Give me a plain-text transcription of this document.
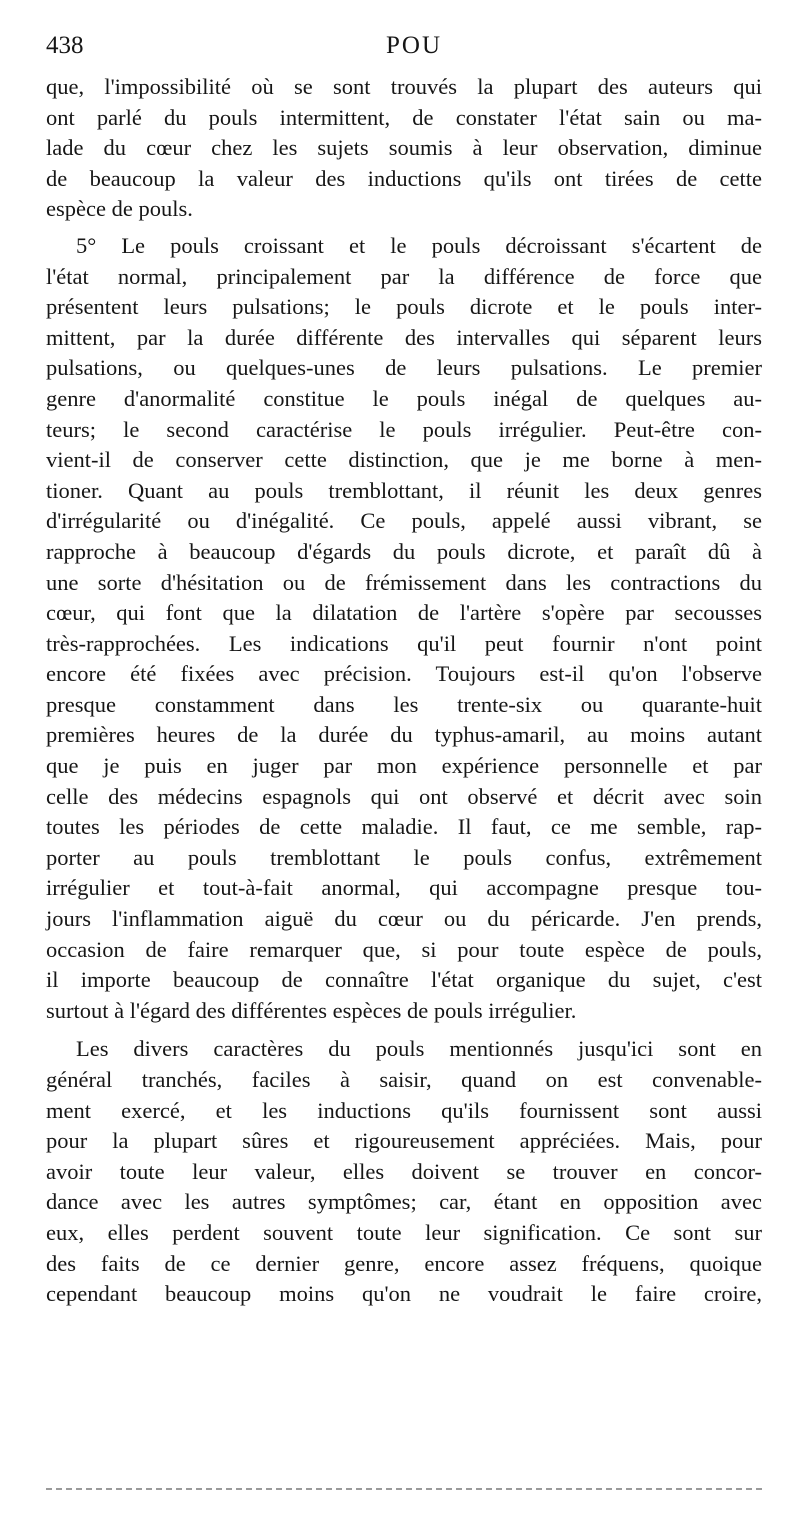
438	POU
que, l'impossibilité où se sont trouvés la plupart des auteurs qui
ont parlé du pouls intermittent, de constater l'état sain ou ma-
lade du cœur chez les sujets soumis à leur observation, diminue
de beaucoup la valeur des inductions qu'ils ont tirées de cette
espèce de pouls.
5° Le pouls croissant et le pouls décroissant s'écartent de
l'état normal, principalement par la différence de force que
présentent leurs pulsations; le pouls dicrote et le pouls inter-
mittent, par la durée différente des intervalles qui séparent leurs
pulsations, ou quelques-unes de leurs pulsations. Le premier
genre d'anormalité constitue le pouls inégal de quelques au-
teurs; le second caractérise le pouls irrégulier. Peut-être con-
vient-il de conserver cette distinction, que je me borne à men-
tioner. Quant au pouls tremblottant, il réunit les deux genres
d'irrégularité ou d'inégalité. Ce pouls, appelé aussi vibrant, se
rapproche à beaucoup d'égards du pouls dicrote, et paraît dû à
une sorte d'hésitation ou de frémissement dans les contractions du
cœur, qui font que la dilatation de l'artère s'opère par secousses
très-rapprochées. Les indications qu'il peut fournir n'ont point
encore été fixées avec précision. Toujours est-il qu'on l'observe
presque constamment dans les trente-six ou quarante-huit
premières heures de la durée du typhus-amaril, au moins autant
que je puis en juger par mon expérience personnelle et par
celle des médecins espagnols qui ont observé et décrit avec soin
toutes les périodes de cette maladie. Il faut, ce me semble, rap-
porter au pouls tremblottant le pouls confus, extrêmement
irrégulier et tout-à-fait anormal, qui accompagne presque tou-
jours l'inflammation aiguë du cœur ou du péricarde. J'en prends,
occasion de faire remarquer que, si pour toute espèce de pouls,
il importe beaucoup de connaître l'état organique du sujet, c'est
surtout à l'égard des différentes espèces de pouls irrégulier.
Les divers caractères du pouls mentionnés jusqu'ici sont en
général tranchés, faciles à saisir, quand on est convenable-
ment exercé, et les inductions qu'ils fournissent sont aussi
pour la plupart sûres et rigoureusement appréciées. Mais, pour
avoir toute leur valeur, elles doivent se trouver en concor-
dance avec les autres symptômes; car, étant en opposition avec
eux, elles perdent souvent toute leur signification. Ce sont sur
des faits de ce dernier genre, encore assez fréquens, quoique
cependant beaucoup moins qu'on ne voudrait le faire croire,
